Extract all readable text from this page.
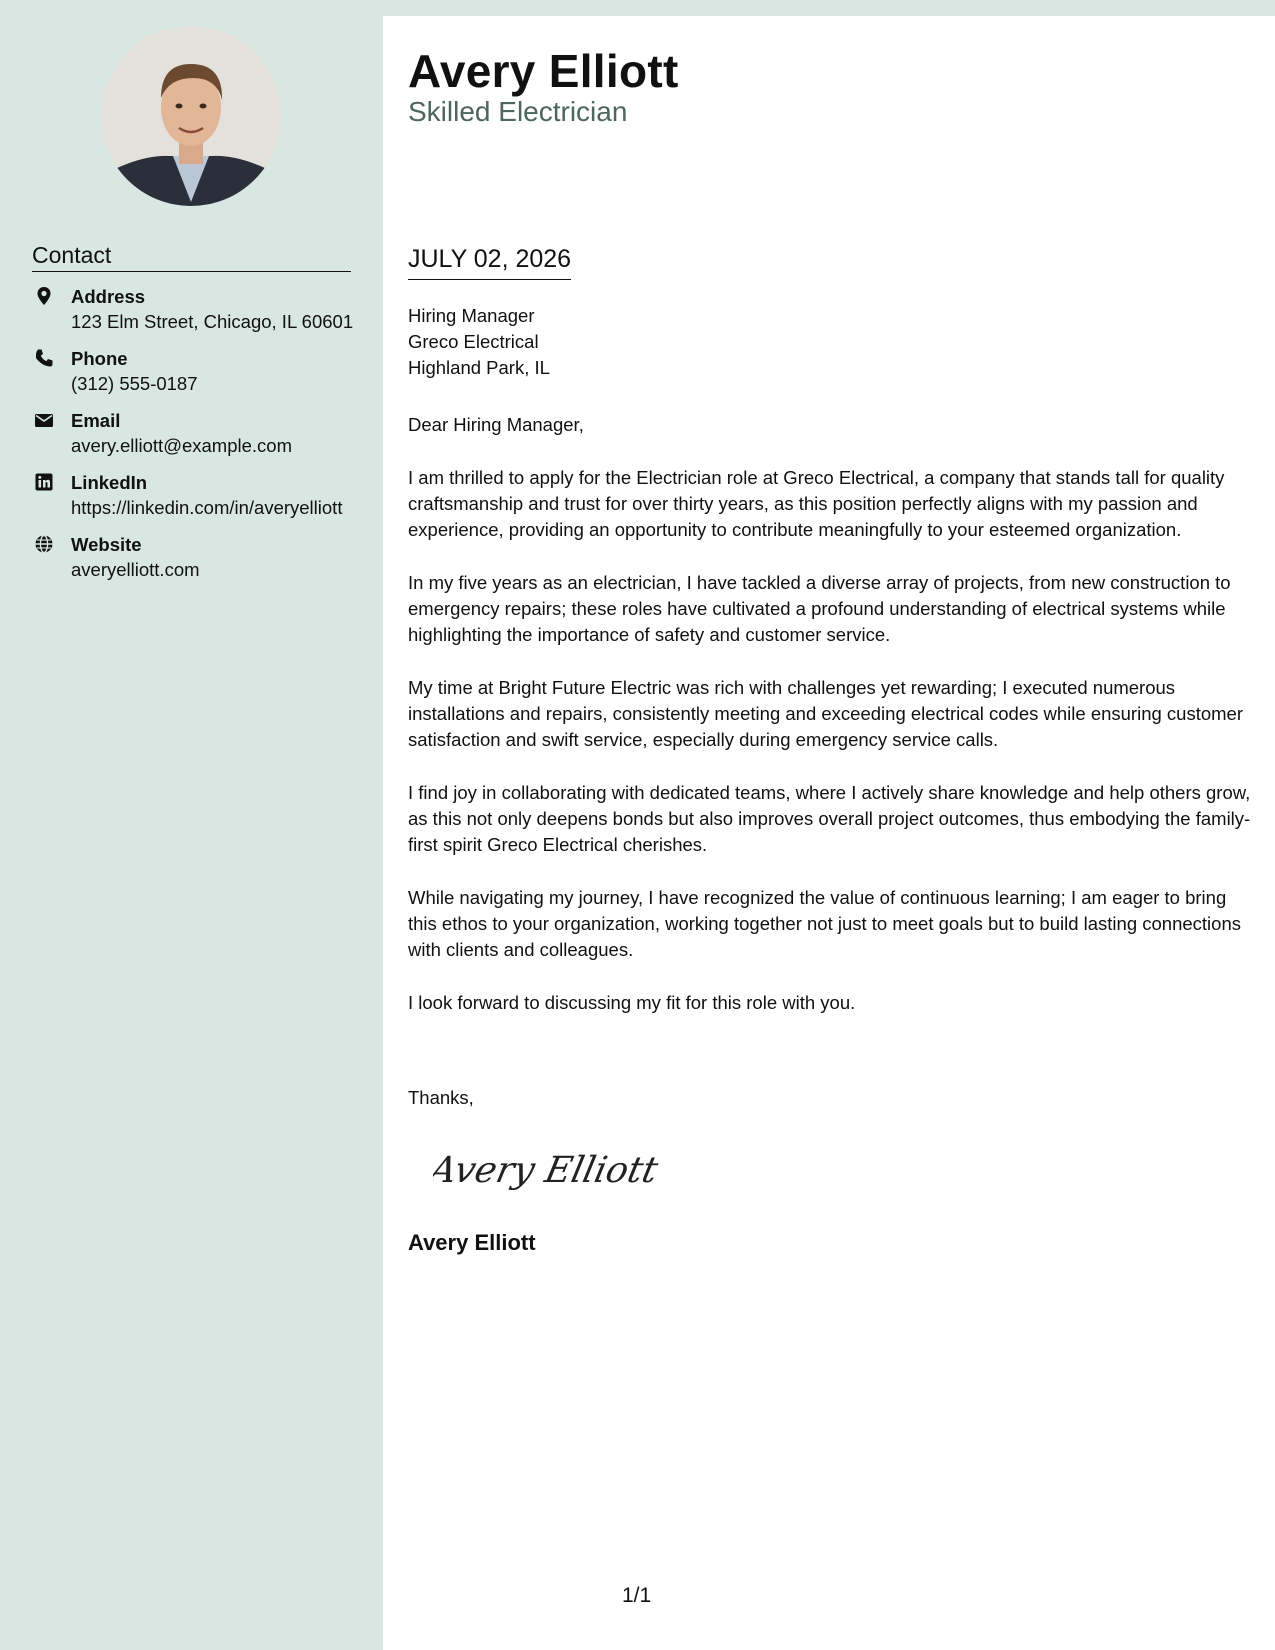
Contact
Address
123 Elm Street, Chicago, IL 60601
Phone
(312) 555-0187
Email
avery.elliott@example.com
LinkedIn
https://linkedin.com/in/averyelliott
Website
averyelliott.com
Avery Elliott
Skilled Electrician
JULY 02, 2026
Hiring Manager
Greco Electrical
Highland Park, IL

Dear Hiring Manager,

I am thrilled to apply for the Electrician role at Greco Electrical, a company that stands tall for quality craftsmanship and trust for over thirty years, as this position perfectly aligns with my passion and experience, providing an opportunity to contribute meaningfully to your esteemed organization.

In my five years as an electrician, I have tackled a diverse array of projects, from new construction to emergency repairs; these roles have cultivated a profound understanding of electrical systems while highlighting the importance of safety and customer service.

My time at Bright Future Electric was rich with challenges yet rewarding; I executed numerous installations and repairs, consistently meeting and exceeding electrical codes while ensuring customer satisfaction and swift service, especially during emergency service calls.

I find joy in collaborating with dedicated teams, where I actively share knowledge and help others grow, as this not only deepens bonds but also improves overall project outcomes, thus embodying the family-first spirit Greco Electrical cherishes.

While navigating my journey, I have recognized the value of continuous learning; I am eager to bring this ethos to your organization, working together not just to meet goals but to build lasting connections with clients and colleagues.

I look forward to discussing my fit for this role with you.

Thanks,
Avery Elliott
Avery Elliott
1/1
